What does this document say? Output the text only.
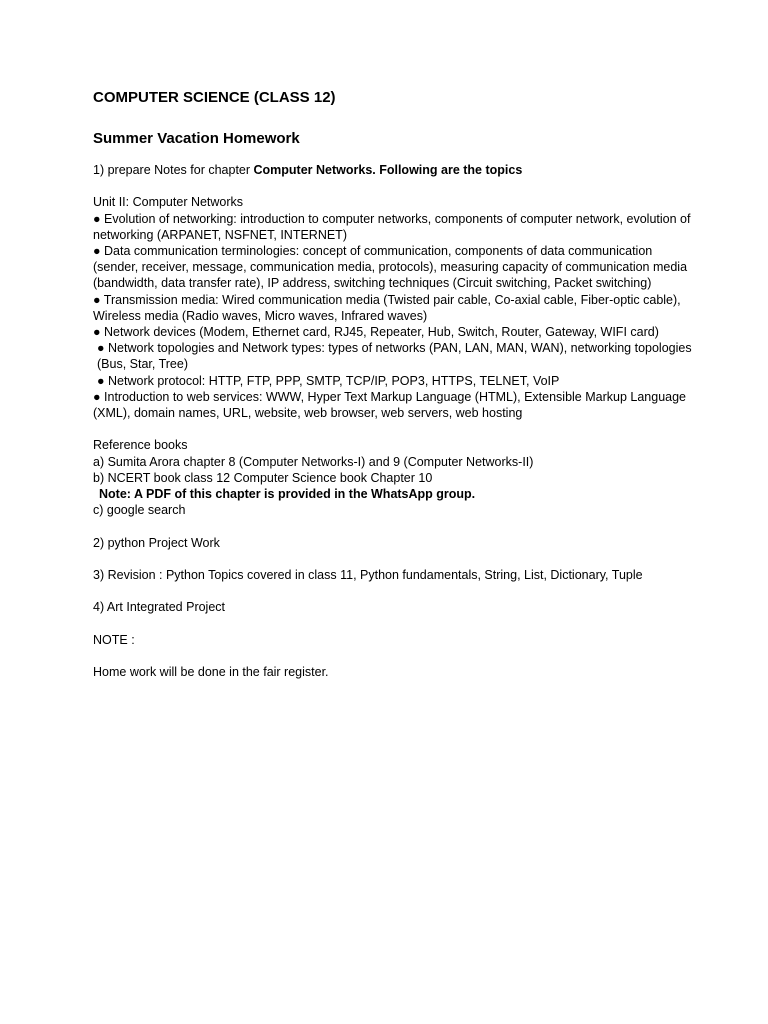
COMPUTER SCIENCE (CLASS 12)
Summer Vacation Homework

1) prepare Notes for chapter Computer Networks. Following are the topics

Unit II: Computer Networks

● Evolution of networking: introduction to computer networks, components of computer network, evolution of networking (ARPANET, NSFNET, INTERNET)

● Data communication terminologies: concept of communication, components of data communication (sender, receiver, message, communication media, protocols), measuring capacity of communication media (bandwidth, data transfer rate), IP address, switching techniques (Circuit switching, Packet switching)

● Transmission media: Wired communication media (Twisted pair cable, Co-axial cable, Fiber-optic cable), Wireless media (Radio waves, Micro waves, Infrared waves)

● Network devices (Modem, Ethernet card, RJ45, Repeater, Hub, Switch, Router, Gateway, WIFI card)

● Network topologies and Network types: types of networks (PAN, LAN, MAN, WAN), networking topologies (Bus, Star, Tree)

● Network protocol: HTTP, FTP, PPP, SMTP, TCP/IP, POP3, HTTPS, TELNET, VoIP

● Introduction to web services: WWW, Hyper Text Markup Language (HTML), Extensible Markup Language (XML), domain names, URL, website, web browser, web servers, web hosting

Reference books

a) Sumita Arora chapter 8 (Computer Networks-I) and 9 (Computer Networks-II)

b) NCERT book class 12 Computer Science book Chapter 10

Note: A PDF of this chapter is provided in the WhatsApp group.

c) google search

2) python Project Work

3) Revision : Python Topics covered in class 11, Python fundamentals, String, List, Dictionary, Tuple

4) Art Integrated Project

NOTE :

Home work will be done in the fair register.
